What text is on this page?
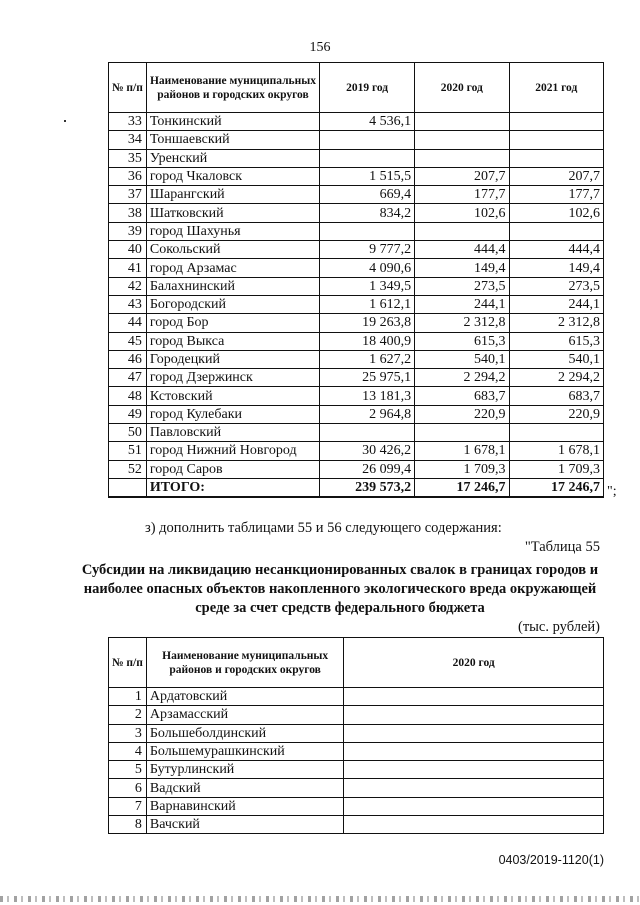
156
№ п/п	Наименование муниципальных районов и городских округов	2019 год	2020 год	2021 год
33	Тонкинский	4 536,1		
34	Тоншаевский			
35	Уренский			
36	город Чкаловск	1 515,5	207,7	207,7
37	Шарангский	669,4	177,7	177,7
38	Шатковский	834,2	102,6	102,6
39	город Шахунья			
40	Сокольский	9 777,2	444,4	444,4
41	город Арзамас	4 090,6	149,4	149,4
42	Балахнинский	1 349,5	273,5	273,5
43	Богородский	1 612,1	244,1	244,1
44	город Бор	19 263,8	2 312,8	2 312,8
45	город Выкса	18 400,9	615,3	615,3
46	Городецкий	1 627,2	540,1	540,1
47	город Дзержинск	25 975,1	2 294,2	2 294,2
48	Кстовский	13 181,3	683,7	683,7
49	город Кулебаки	2 964,8	220,9	220,9
50	Павловский			
51	город Нижний Новгород	30 426,2	1 678,1	1 678,1
52	город Саров	26 099,4	1 709,3	1 709,3
	ИТОГО:	239 573,2	17 246,7	17 246,7 ";
з) дополнить таблицами 55 и 56 следующего содержания:
"Таблица 55
Субсидии на ликвидацию несанкционированных свалок в границах городов и наиболее опасных объектов накопленного экологического вреда окружающей среде за счет средств федерального бюджета
(тыс. рублей)
№ п/п	Наименование муниципальных районов и городских округов	2020 год
1	Ардатовский	
2	Арзамасский	
3	Большеболдинский	
4	Большемурашкинский	
5	Бутурлинский	
6	Вадский	
7	Варнавинский	
8	Вачский	
0403/2019-1120(1)
